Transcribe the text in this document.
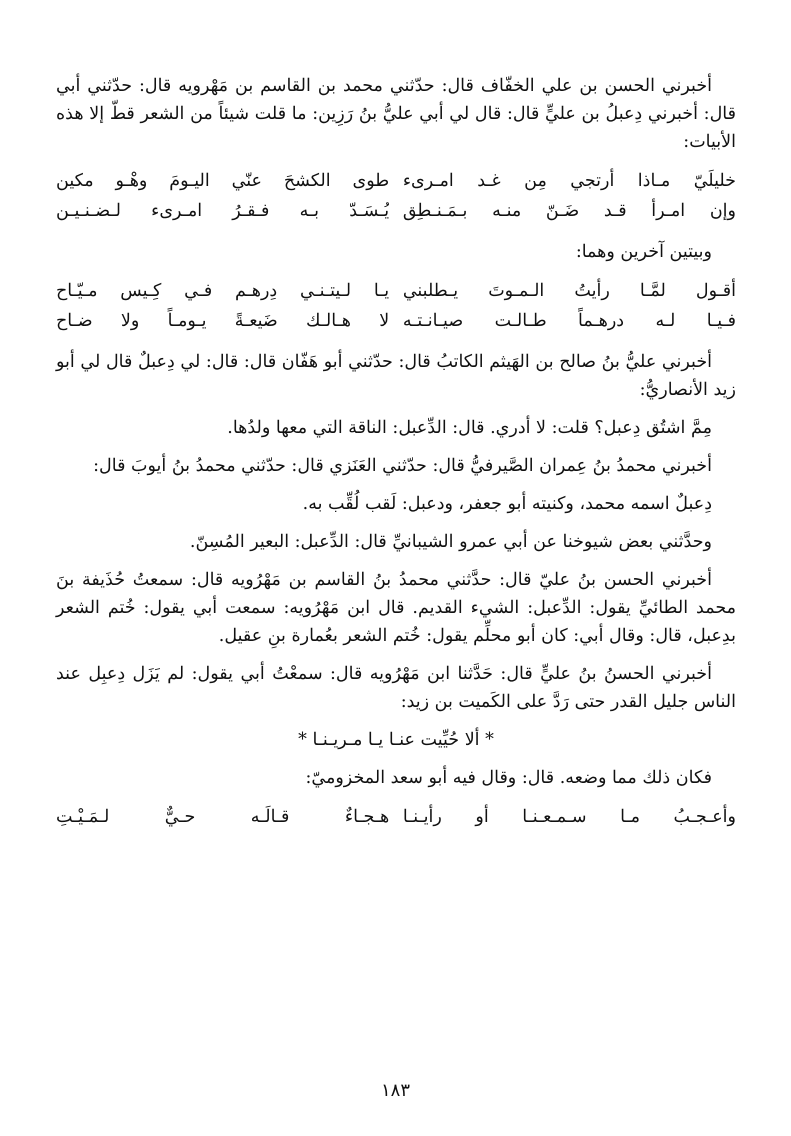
أخبرني الحسن بن علي الخفّاف قال: حدّثني محمد بن القاسم بن مَهْرويه قال: حدّثني أبي قال: أخبرني دِعبلُ بن عليٍّ قال: قال لي أبي عليُّ بنُ رَزِين: ما قلت شيئاً من الشعر قطّ إلا هذه الأبيات:

خليلَيّ مـاذا أرتجي مِن غـد امـرىء
طوى الكشحَ عنّي اليـومَ وهْـو مكين
وإن امـرأ قـد ضَـنّ منـه بـمَـنـطِق
يُـسَـدّ بـه فـقـرُ امـرىء لـضـنـيـن

وبيتين آخرين وهما:

أقـول لمَّـا رأيتُ الـمـوتَ يـطلبني
يـا لـيتـنـي دِرهـم فـي كِـيس مـيّـاح
فـيـا لـه درهـماً طـالـت صيـانـتـه
لا هـالـك ضَيعـةً يـومـاً ولا ضـاح

أخبرني عليُّ بنُ صالح بن الهَيثم الكاتبُ قال: حدّثني أبو هَفّان قال: قال: لي دِعبلٌ قال لي أبو زيد الأنصاريُّ:

مِمَّ اشتُق دِعبل؟ قلت: لا أدري. قال: الدِّعبل: الناقة التي معها ولدُها.

أخبرني محمدُ بنُ عِمران الصَّيرفيُّ قال: حدّثني العَنَزي قال: حدّثني محمدُ بنُ أيوبَ قال:

دِعبلٌ اسمه محمد، وكنيته أبو جعفر، ودعبل: لَقب لُقِّب به.

وحدَّثني بعض شيوخنا عن أبي عمرو الشيبانيِّ قال: الدِّعبل: البعير المُسِنّ.

أخبرني الحسن بنُ عليّ قال: حدَّثني محمدُ بنُ القاسم بن مَهْرُويه قال: سمعتُ حُذَيفة بنَ محمد الطائيِّ يقول: الدِّعبل: الشيء القديم. قال ابن مَهْرُويه: سمعت أبي يقول: خُتم الشعر بدِعبل، قال: وقال أبي: كان أبو محلِّم يقول: خُتم الشعر بعُمارة بنِ عقيل.

أخبرني الحسنُ بنُ عليٍّ قال: حَدَّثنا ابن مَهْرُويه قال: سمعْتُ أبي يقول: لم يَزَل دِعبِل عند الناس جليل القدر حتى رَدَّ على الكَميت بن زيد:

* ألا حُيِّيت عنـا يـا مـريـنـا *

فكان ذلك مما وضعه. قال: وقال فيه أبو سعد المخزوميّ:

وأعـجـبُ مـا سـمـعـنـا أو رأيـنـا
هـجـاءٌ قـالَـه حـيٌّ لـمَـيْـتِ
١٨٣
